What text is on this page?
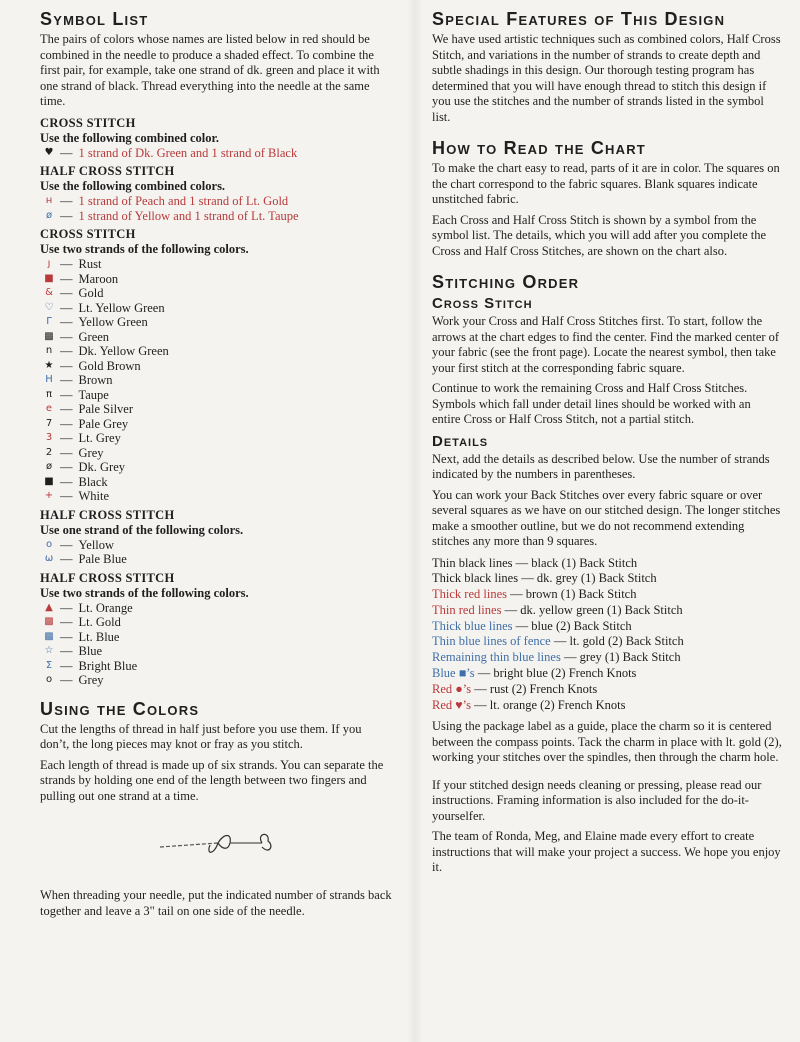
Symbol List

The pairs of colors whose names are listed below in red should be combined in the needle to produce a shaded effect. To combine the first pair, for example, take one strand of dk. green and place it with one strand of black. Thread everything into the needle at the same time.

CROSS STITCH
Use the following combined color.
♥ — 1 strand of Dk. Green and 1 strand of Black
HALF CROSS STITCH
Use the following combined colors.
ʜ — 1 strand of Peach and 1 strand of Lt. Gold
ø — 1 strand of Yellow and 1 strand of Lt. Taupe
CROSS STITCH
Use two strands of the following colors.
ȷ — Rust
■ — Maroon
& — Gold
♡ — Lt. Yellow Green
Γ — Yellow Green
▩ — Green
n — Dk. Yellow Green
★ — Gold Brown
H — Brown
π — Taupe
e — Pale Silver
7 — Pale Grey
3 — Lt. Grey
2 — Grey
ø — Dk. Grey
■ — Black
+ — White
HALF CROSS STITCH
Use one strand of the following colors.
o — Yellow
ω — Pale Blue
HALF CROSS STITCH
Use two strands of the following colors.
▲ — Lt. Orange
▩ — Lt. Gold
▩ — Lt. Blue
☆ — Blue
Σ — Bright Blue
o — Grey
Using the Colors

Cut the lengths of thread in half just before you use them. If you don’t, the long pieces may knot or fray as you stitch.

Each length of thread is made up of six strands. You can separate the strands by holding one end of the length between two fingers and pulling out one strand at a time.

When threading your needle, put the indicated number of strands back together and leave a 3" tail on one side of the needle.

Special Features of This Design

We have used artistic techniques such as combined colors, Half Cross Stitch, and variations in the number of strands to create depth and subtle shadings in this design. Our thorough testing program has determined that you will have enough thread to stitch this design if you use the stitches and the number of strands listed in the symbol list.

How to Read the Chart

To make the chart easy to read, parts of it are in color. The squares on the chart correspond to the fabric squares. Blank squares indicate unstitched fabric.

Each Cross and Half Cross Stitch is shown by a symbol from the symbol list. The details, which you will add after you complete the Cross and Half Cross Stitches, are shown on the chart also.

Stitching Order
Cross Stitch

Work your Cross and Half Cross Stitches first. To start, follow the arrows at the chart edges to find the center. Find the marked center of your fabric (see the front page). Locate the nearest symbol, then take your first stitch at the corresponding fabric square.

Continue to work the remaining Cross and Half Cross Stitches. Symbols which fall under detail lines should be worked with an entire Cross or Half Cross Stitch, not a partial stitch.

Details

Next, add the details as described below. Use the number of strands indicated by the numbers in parentheses.

You can work your Back Stitches over every fabric square or over several squares as we have on our stitched design. The longer stitches make a smoother outline, but we do not recommend extending stitches any more than 9 squares.

Thin black lines — black (1) Back Stitch
Thick black lines — dk. grey (1) Back Stitch
Thick red lines — brown (1) Back Stitch
Thin red lines — dk. yellow green (1) Back Stitch
Thick blue lines — blue (2) Back Stitch
Thin blue lines of fence — lt. gold (2) Back Stitch
Remaining thin blue lines — grey (1) Back Stitch
Blue ■’s — bright blue (2) French Knots
Red ●’s — rust (2) French Knots
Red ♥’s — lt. orange (2) French Knots

Using the package label as a guide, place the charm so it is centered between the compass points. Tack the charm in place with lt. gold (2), working your stitches over the spindles, then through the charm hole.

If your stitched design needs cleaning or pressing, please read our instructions. Framing information is also included for the do-it-yourselfer.

The team of Ronda, Meg, and Elaine made every effort to create instructions that will make your project a success. We hope you enjoy it.
